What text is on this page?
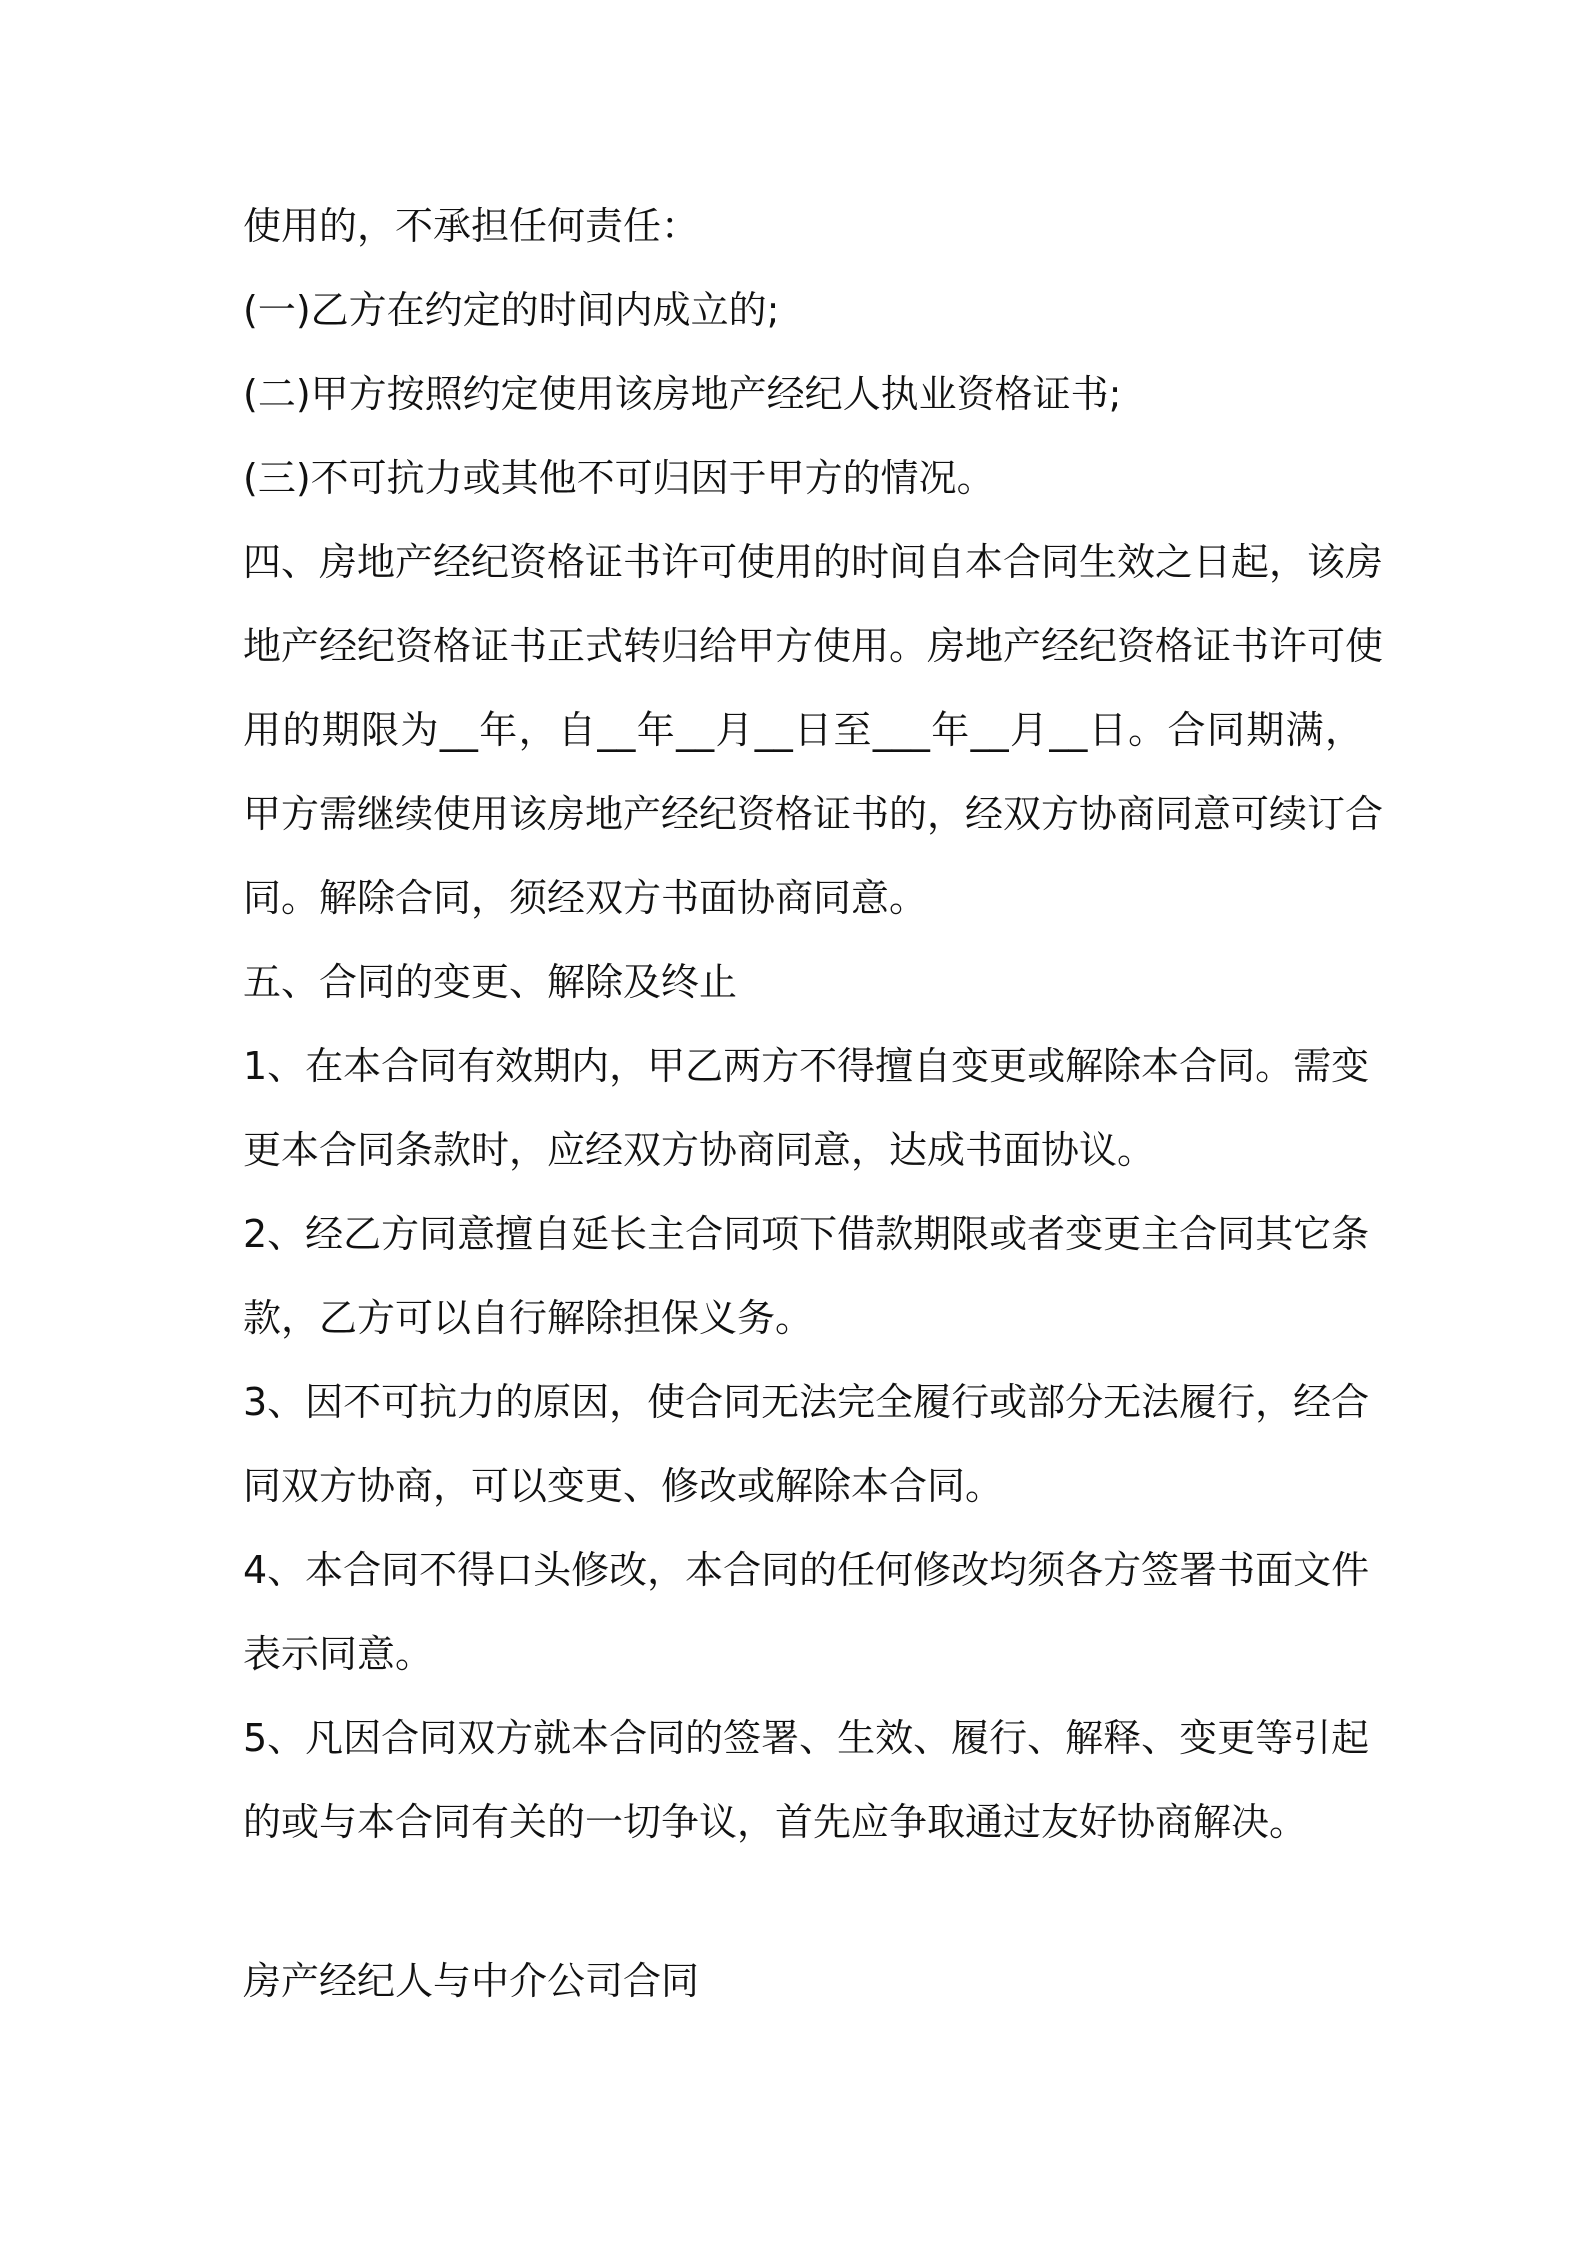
使用的，不承担任何责任：
(一)乙方在约定的时间内成立的;
(二)甲方按照约定使用该房地产经纪人执业资格证书;
(三)不可抗力或其他不可归因于甲方的情况。
四、房地产经纪资格证书许可使用的时间自本合同生效之日起，该房
地产经纪资格证书正式转归给甲方使用。房地产经纪资格证书许可使
用的期限为__年，自__年__月__日至___年__月__日。合同期满，
甲方需继续使用该房地产经纪资格证书的，经双方协商同意可续订合
同。解除合同，须经双方书面协商同意。
五、合同的变更、解除及终止
1、在本合同有效期内，甲乙两方不得擅自变更或解除本合同。需变
更本合同条款时，应经双方协商同意，达成书面协议。
2、经乙方同意擅自延长主合同项下借款期限或者变更主合同其它条
款，乙方可以自行解除担保义务。
3、因不可抗力的原因，使合同无法完全履行或部分无法履行，经合
同双方协商，可以变更、修改或解除本合同。
4、本合同不得口头修改，本合同的任何修改均须各方签署书面文件
表示同意。
5、凡因合同双方就本合同的签署、生效、履行、解释、变更等引起
的或与本合同有关的一切争议，首先应争取通过友好协商解决。
房产经纪人与中介公司合同
